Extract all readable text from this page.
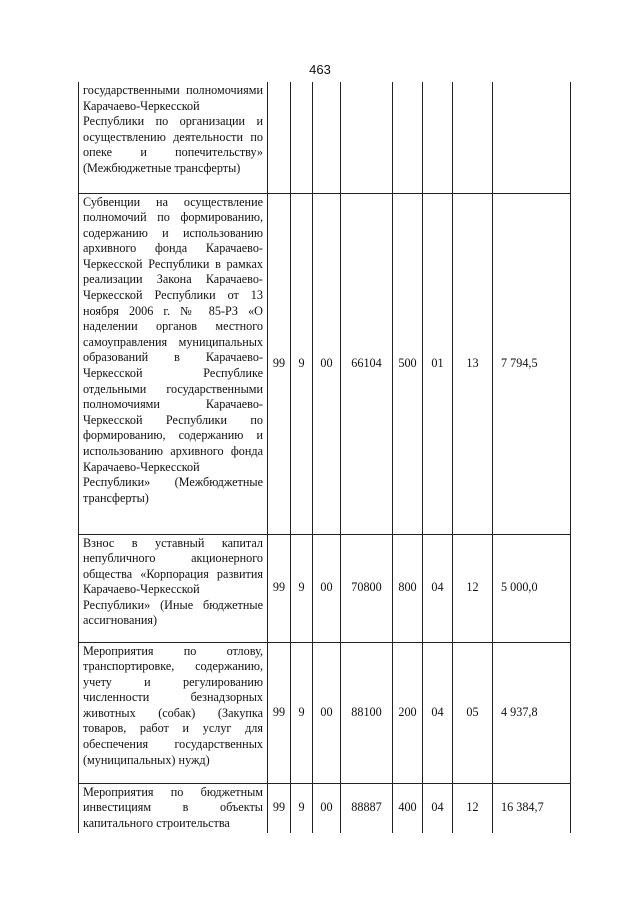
463
государственными полномочиями Карачаево-Черкесской Республики по организации и осуществлению деятельности по опеке и попечительству» (Межбюджетные трансферты)								
Субвенции на осуществление полномочий по формированию, содержанию и использованию архивного фонда Карачаево-Черкесской Республики в рамках реализации Закона Карачаево-Черкесской Республики от 13 ноября 2006 г. № 85-РЗ «О наделении органов местного самоуправления муниципальных образований в Карачаево-Черкесской Республике отдельными государственными полномочиями Карачаево-Черкесской Республики по формированию, содержанию и использованию архивного фонда Карачаево-Черкесской Республики» (Межбюджетные трансферты)	99	9	00	66104	500	01	13	7 794,5
Взнос в уставный капитал непубличного акционерного общества «Корпорация развития Карачаево-Черкесской Республики» (Иные бюджетные ассигнования)	99	9	00	70800	800	04	12	5 000,0
Мероприятия по отлову, транспортировке, содержанию, учету и регулированию численности безнадзорных животных (собак) (Закупка товаров, работ и услуг для обеспечения государственных (муниципальных) нужд)	99	9	00	88100	200	04	05	4 937,8
Мероприятия по бюджетным инвестициям в объекты капитального строительства	99	9	00	88887	400	04	12	16 384,7
